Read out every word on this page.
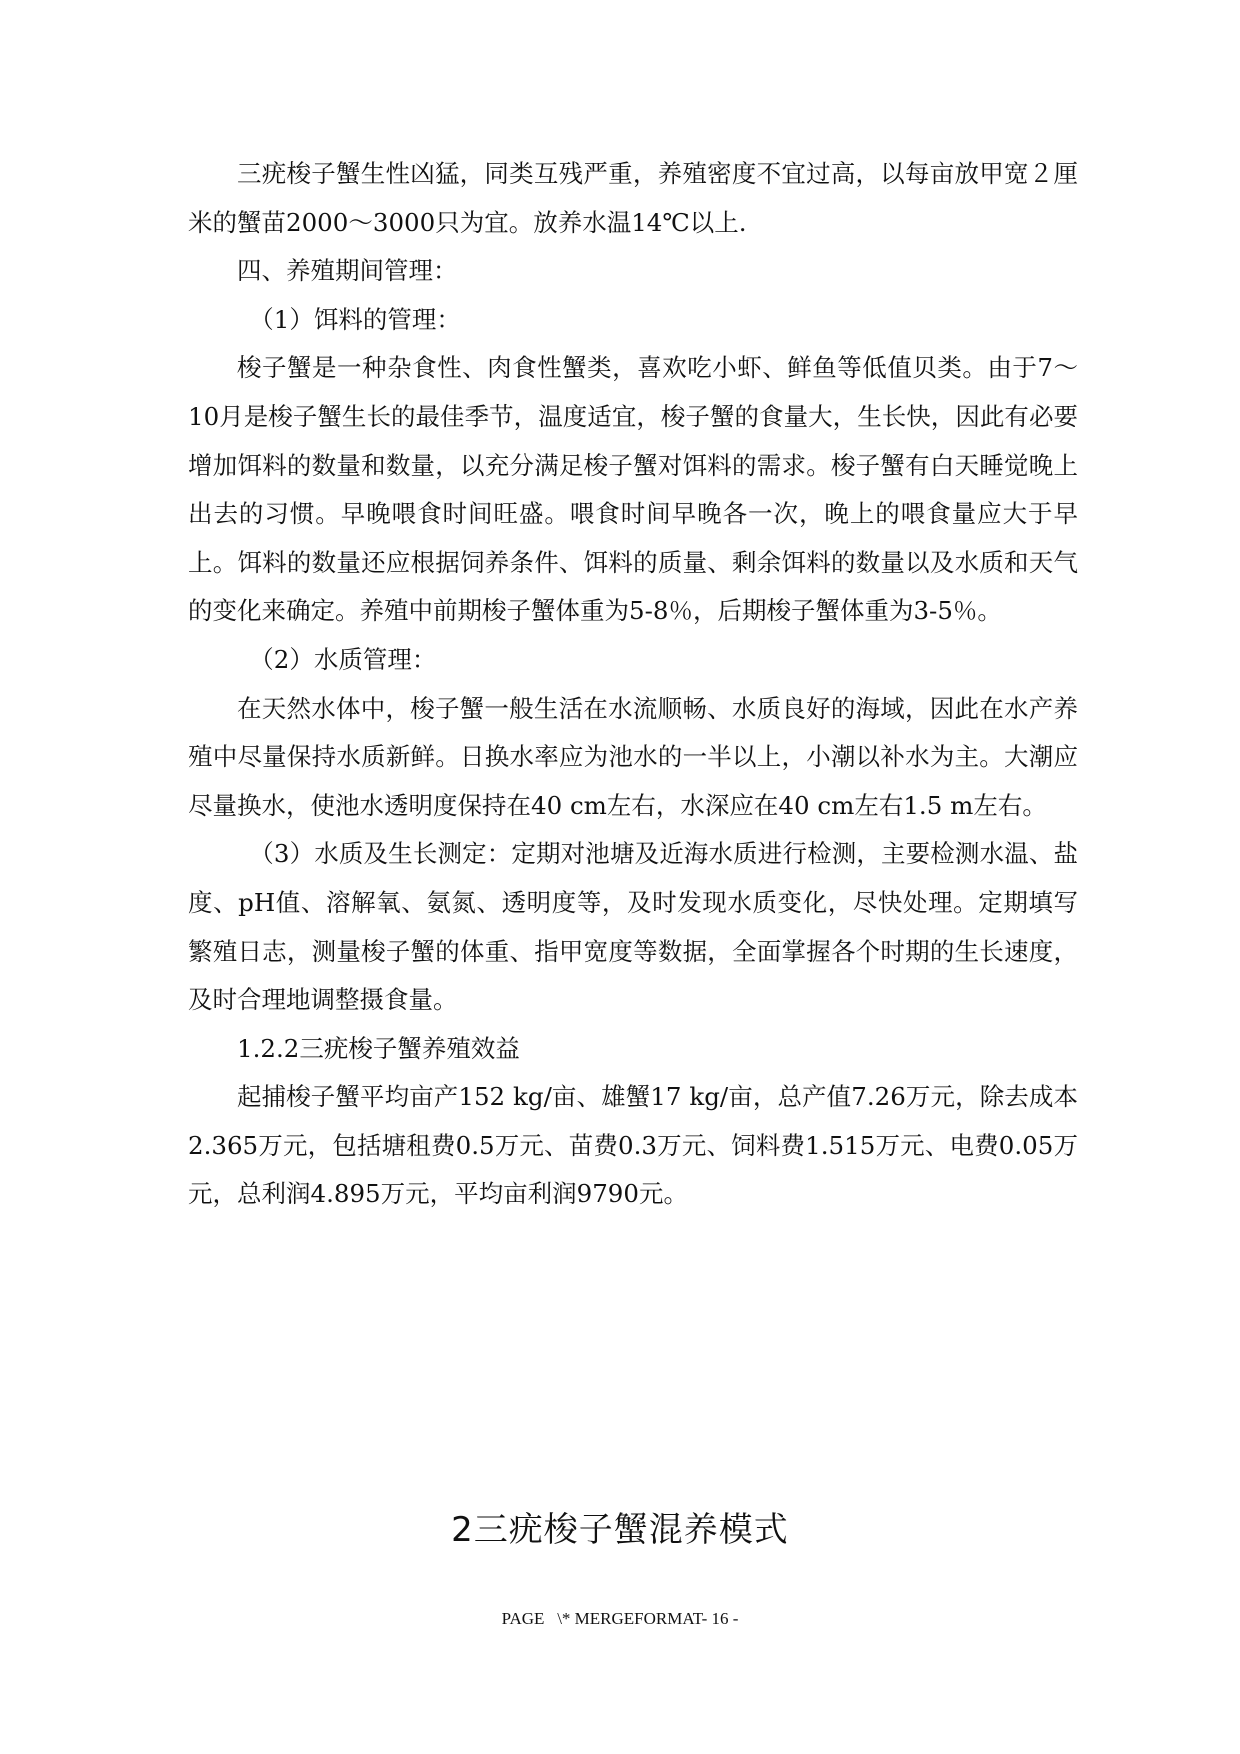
三疣梭子蟹生性凶猛，同类互残严重，养殖密度不宜过高，以每亩放甲宽２厘米的蟹苗2000～3000只为宜。放养水温14℃以上.

四、养殖期间管理：

（1）饵料的管理：

梭子蟹是一种杂食性、肉食性蟹类，喜欢吃小虾、鲜鱼等低值贝类。由于7～10月是梭子蟹生长的最佳季节，温度适宜，梭子蟹的食量大，生长快，因此有必要增加饵料的数量和数量，以充分满足梭子蟹对饵料的需求。梭子蟹有白天睡觉晚上出去的习惯。早晚喂食时间旺盛。喂食时间早晚各一次，晚上的喂食量应大于早上。饵料的数量还应根据饲养条件、饵料的质量、剩余饵料的数量以及水质和天气的变化来确定。养殖中前期梭子蟹体重为5-8％，后期梭子蟹体重为3-5％。

（2）水质管理：

在天然水体中，梭子蟹一般生活在水流顺畅、水质良好的海域，因此在水产养殖中尽量保持水质新鲜。日换水率应为池水的一半以上，小潮以补水为主。大潮应尽量换水，使池水透明度保持在40 cm左右，水深应在40 cm左右1.5 m左右。

（3）水质及生长测定：定期对池塘及近海水质进行检测，主要检测水温、盐度、pH值、溶解氧、氨氮、透明度等，及时发现水质变化，尽快处理。定期填写繁殖日志，测量梭子蟹的体重、指甲宽度等数据，全面掌握各个时期的生长速度，及时合理地调整摄食量。

1.2.2三疣梭子蟹养殖效益

起捕梭子蟹平均亩产152 kg/亩、雄蟹17 kg/亩，总产值7.26万元，除去成本2.365万元，包括塘租费0.5万元、苗费0.3万元、饲料费1.515万元、电费0.05万元，总利润4.895万元，平均亩利润9790元。

2三疣梭子蟹混养模式
PAGE   \* MERGEFORMAT- 16 -
